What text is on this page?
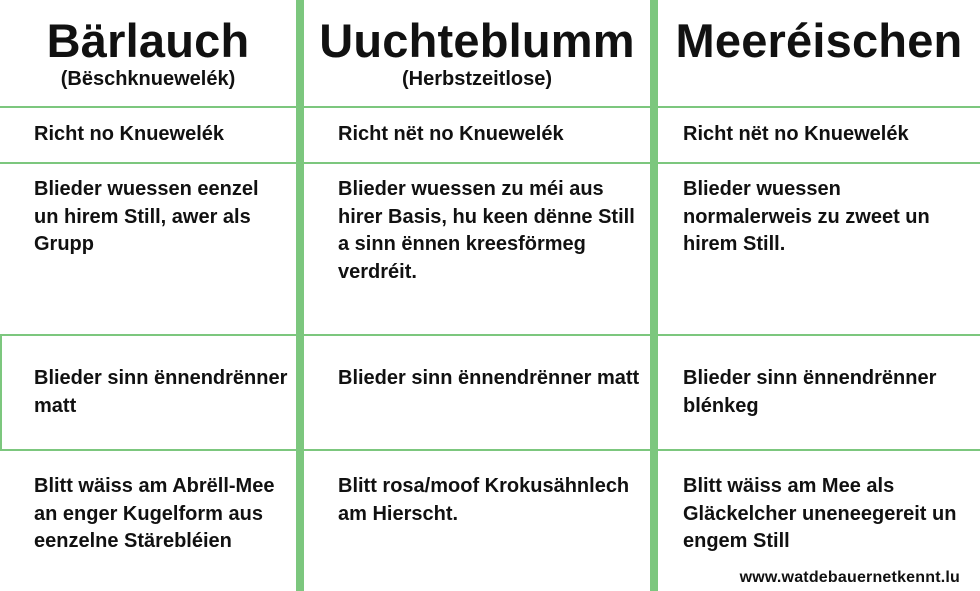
Bärlauch
(Bëschknuewelék)
Richt no Knuewelék
Blieder wuessen eenzel un hirem Still, awer als Grupp
Blieder sinn ënnendrënner matt
Blitt wäiss am Abrëll-Mee an enger Kugelform aus eenzelne Stärebléien
Uuchteblumm
(Herbstzeitlose)
Richt nët no Knuewelék
Blieder wuessen zu méi aus hirer Basis, hu keen dënne Still a sinn ënnen kreesförmeg verdréit.
Blieder sinn ënnendrënner matt
Blitt rosa/moof Krokusähnlech am Hierscht.
Meeréischen
Richt nët no Knuewelék
Blieder wuessen normalerweis zu zweet un hirem Still.
Blieder sinn ënnendrënner blénkeg
Blitt wäiss am Mee als Gläckelcher uneneegereit un engem Still
www.watdebauernetkennt.lu
